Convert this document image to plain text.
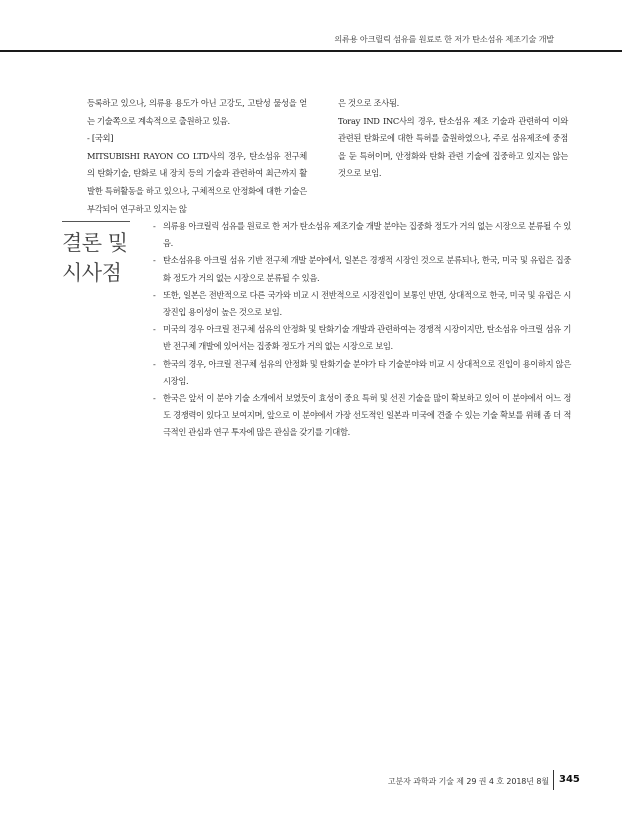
의류용 아크릴릭 섬유를 원료로 한 저가 탄소섬유 제조기술 개발

등록하고 있으나, 의류용 용도가 아닌 고강도, 고탄성 물성을 얻는 기술쪽으로 계속적으로 출원하고 있음.

- [국외]

MITSUBISHI RAYON CO LTD사의 경우, 탄소섬유 전구체의 탄화기술, 탄화로 내 장치 등의 기술과 관련하여 최근까지 활발한 특허활동을 하고 있으나, 구체적으로 안정화에 대한 기술은 부각되어 연구하고 있지는 않

은 것으로 조사됨.

Toray IND INC사의 경우, 탄소섬유 제조 기술과 관련하여 이와 관련된 탄화로에 대한 특허를 출원하였으나, 주로 섬유제조에 중점을 둔 특허이며, 안정화와 탄화 관련 기술에 집중하고 있지는 않는 것으로 보임.

결론 및
시사점
- 의류용 아크릴릭 섬유를 원료로 한 저가 탄소섬유 제조기술 개발 분야는 집중화 정도가 거의 없는 시장으로 분류될 수 있음.
- 탄소섬유용 아크릴 섬유 기반 전구체 개발 분야에서, 일본은 경쟁적 시장인 것으로 분류되나, 한국, 미국 및 유럽은 집중화 정도가 거의 없는 시장으로 분류될 수 있음.
- 또한, 일본은 전반적으로 다른 국가와 비교 시 전반적으로 시장진입이 보통인 반면, 상대적으로 한국, 미국 및 유럽은 시장진입 용이성이 높은 것으로 보임.
- 미국의 경우 아크릴 전구체 섬유의 안정화 및 탄화기술 개발과 관련하여는 경쟁적 시장이지만, 탄소섬유 아크릴 섬유 기반 전구체 개발에 있어서는 집중화 정도가 거의 없는 시장으로 보임.
- 한국의 경우, 아크릴 전구체 섬유의 안정화 및 탄화기술 분야가 타 기술분야와 비교 시 상대적으로 진입이 용이하지 않은 시장임.
- 한국은 앞서 이 분야 기술 소개에서 보였듯이 효성이 중요 특허 및 선진 기술을 많이 확보하고 있어 이 분야에서 어느 정도 경쟁력이 있다고 보여지며, 앞으로 이 분야에서 가장 선도적인 일본과 미국에 견줄 수 있는 기술 확보를 위해 좀 더 적극적인 관심과 연구 투자에 많은 관심을 갖기를 기대함.
고분자 과학과 기술 제 29 권 4 호 2018년 8월 345
